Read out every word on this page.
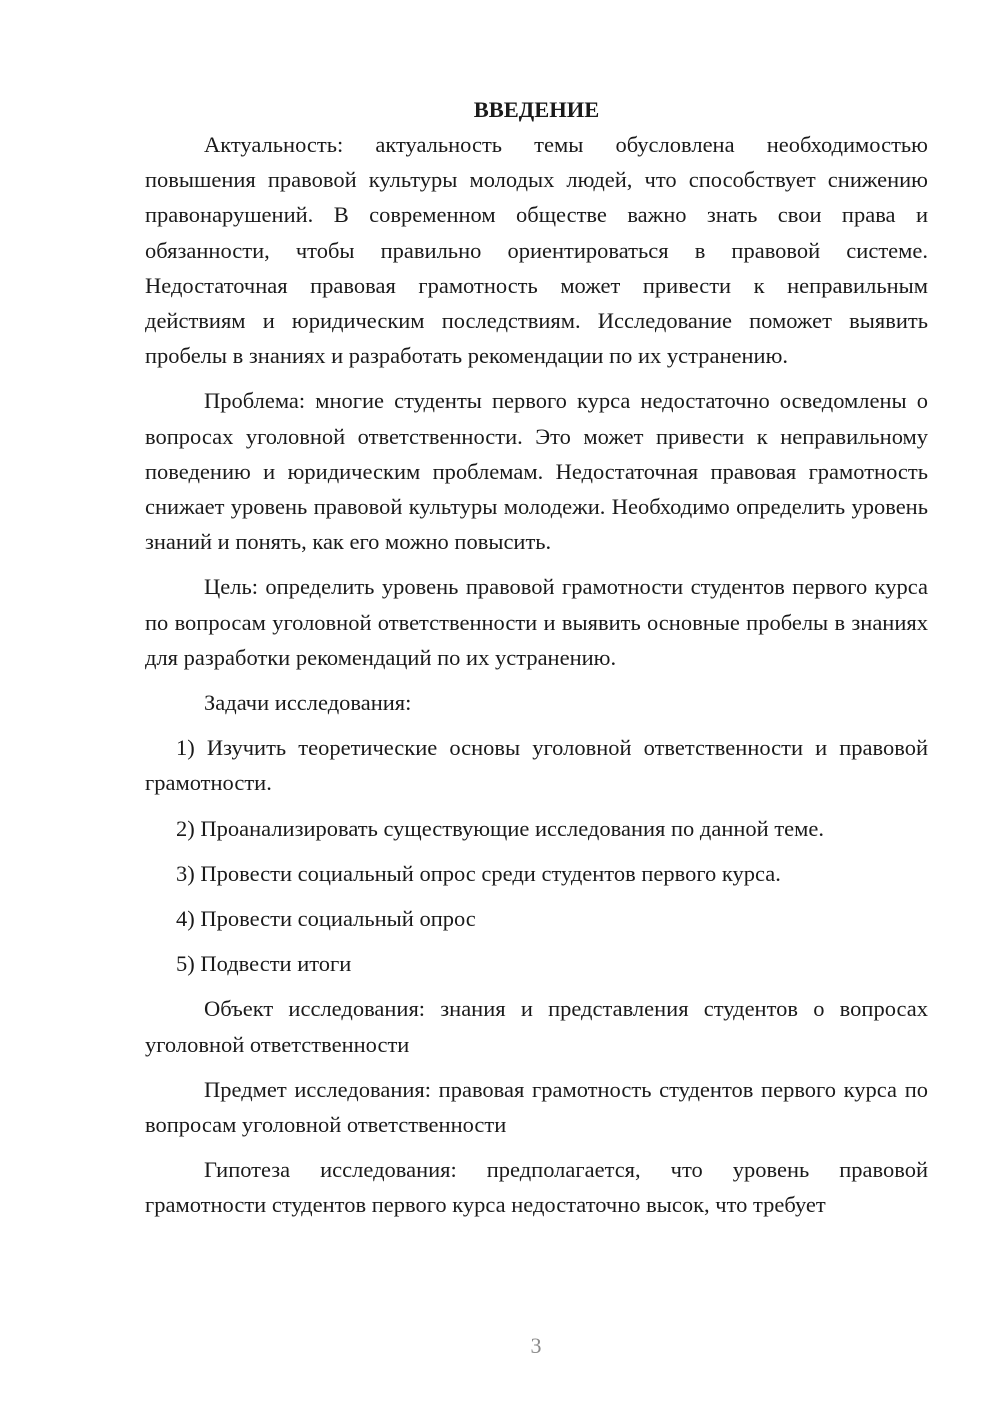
ВВЕДЕНИЕ

Актуальность: актуальность темы обусловлена необходимостью повышения правовой культуры молодых людей, что способствует снижению правонарушений. В современном обществе важно знать свои права и обязанности, чтобы правильно ориентироваться в правовой системе. Недостаточная правовая грамотность может привести к неправильным действиям и юридическим последствиям. Исследование поможет выявить пробелы в знаниях и разработать рекомендации по их устранению.

Проблема: многие студенты первого курса недостаточно осведомлены о вопросах уголовной ответственности. Это может привести к неправильному поведению и юридическим проблемам. Недостаточная правовая грамотность снижает уровень правовой культуры молодежи. Необходимо определить уровень знаний и понять, как его можно повысить.

Цель: определить уровень правовой грамотности студентов первого курса по вопросам уголовной ответственности и выявить основные пробелы в знаниях для разработки рекомендаций по их устранению.

Задачи исследования:

1) Изучить теоретические основы уголовной ответственности и правовой грамотности.

2) Проанализировать существующие исследования по данной теме.

3) Провести социальный опрос среди студентов первого курса.

4) Провести социальный опрос

5) Подвести итоги

Объект исследования: знания и представления студентов о вопросах уголовной ответственности

Предмет исследования: правовая грамотность студентов первого курса по вопросам уголовной ответственности

Гипотеза исследования: предполагается, что уровень правовой грамотности студентов первого курса недостаточно высок, что требует

3
